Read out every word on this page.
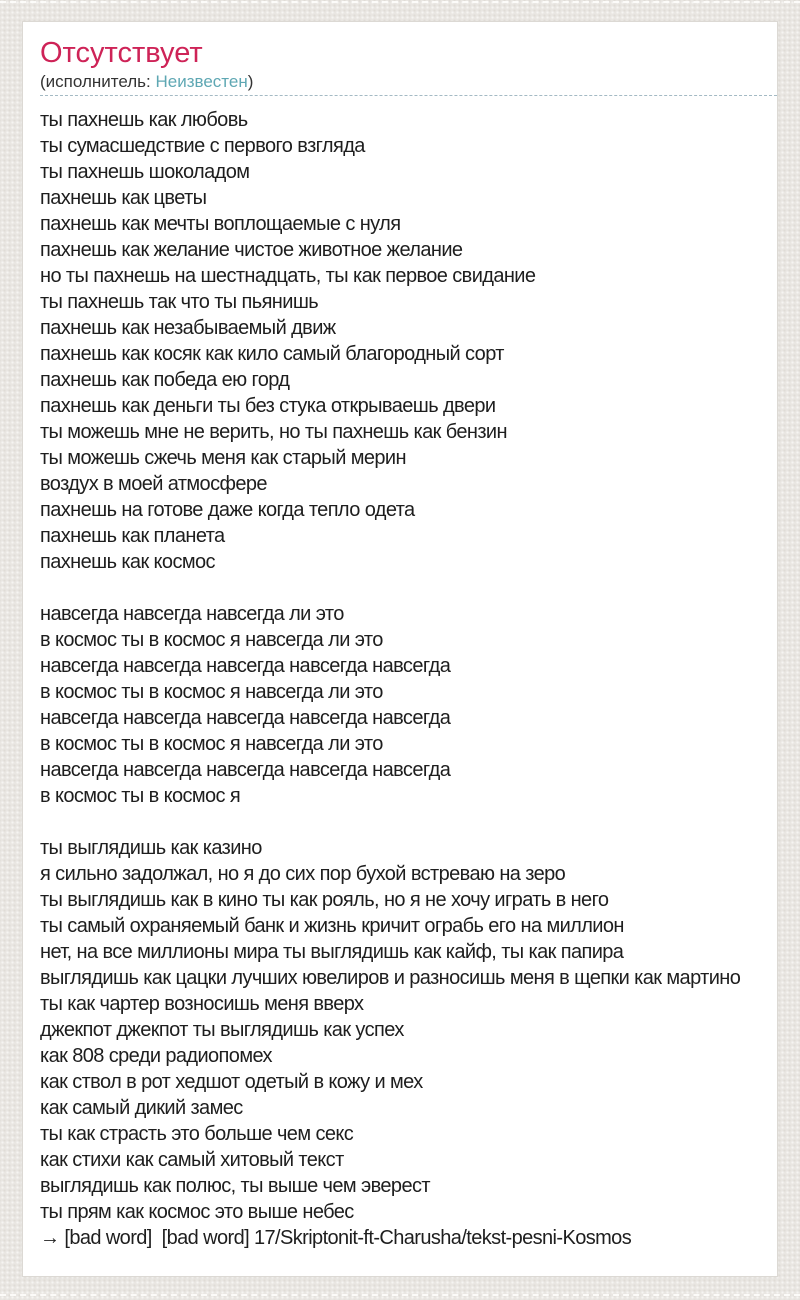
Отсутствует
(исполнитель: Неизвестен)
ты пахнешь как любовь
ты сумасшедствие с первого взгляда
ты пахнешь шоколадом
пахнешь как цветы
пахнешь как мечты воплощаемые с нуля
пахнешь как желание чистое животное желание
но ты пахнешь на шестнадцать, ты как первое свидание
ты пахнешь так что ты пьянишь
пахнешь как незабываемый движ
пахнешь как косяк как кило самый благородный сорт
пахнешь как победа ею горд
пахнешь как деньги ты без стука открываешь двери
ты можешь мне не верить, но ты пахнешь как бензин
ты можешь сжечь меня как старый мерин
воздух в моей атмосфере
пахнешь на готове даже когда тепло одета
пахнешь как планета
пахнешь как космос
навсегда навсегда навсегда ли это
в космос ты в космос я навсегда ли это
навсегда навсегда навсегда навсегда навсегда
в космос ты в космос я навсегда ли это
навсегда навсегда навсегда навсегда навсегда
в космос ты в космос я навсегда ли это
навсегда навсегда навсегда навсегда навсегда
в космос ты в космос я
ты выглядишь как казино
я сильно задолжал, но я до сих пор бухой встреваю на зеро
ты выглядишь как в кино ты как рояль, но я не хочу играть в него
ты самый охраняемый банк и жизнь кричит ограбь его на миллион
нет, на все миллионы мира ты выглядишь как кайф, ты как папира
выглядишь как цацки лучших ювелиров и разносишь меня в щепки как мартино
ты как чартер возносишь меня вверх
джекпот джекпот ты выглядишь как успех
как 808 среди радиопомех
как ствол в рот хедшот одетый в кожу и мех
как самый дикий замес
ты как страсть это больше чем секс
как стихи как самый хитовый текст
выглядишь как полюс, ты выше чем эверест
ты прям как космос это выше небес
→ [bad word]  [bad word] 17/Skriptonit-ft-Charusha/tekst-pesni-Kosmos
